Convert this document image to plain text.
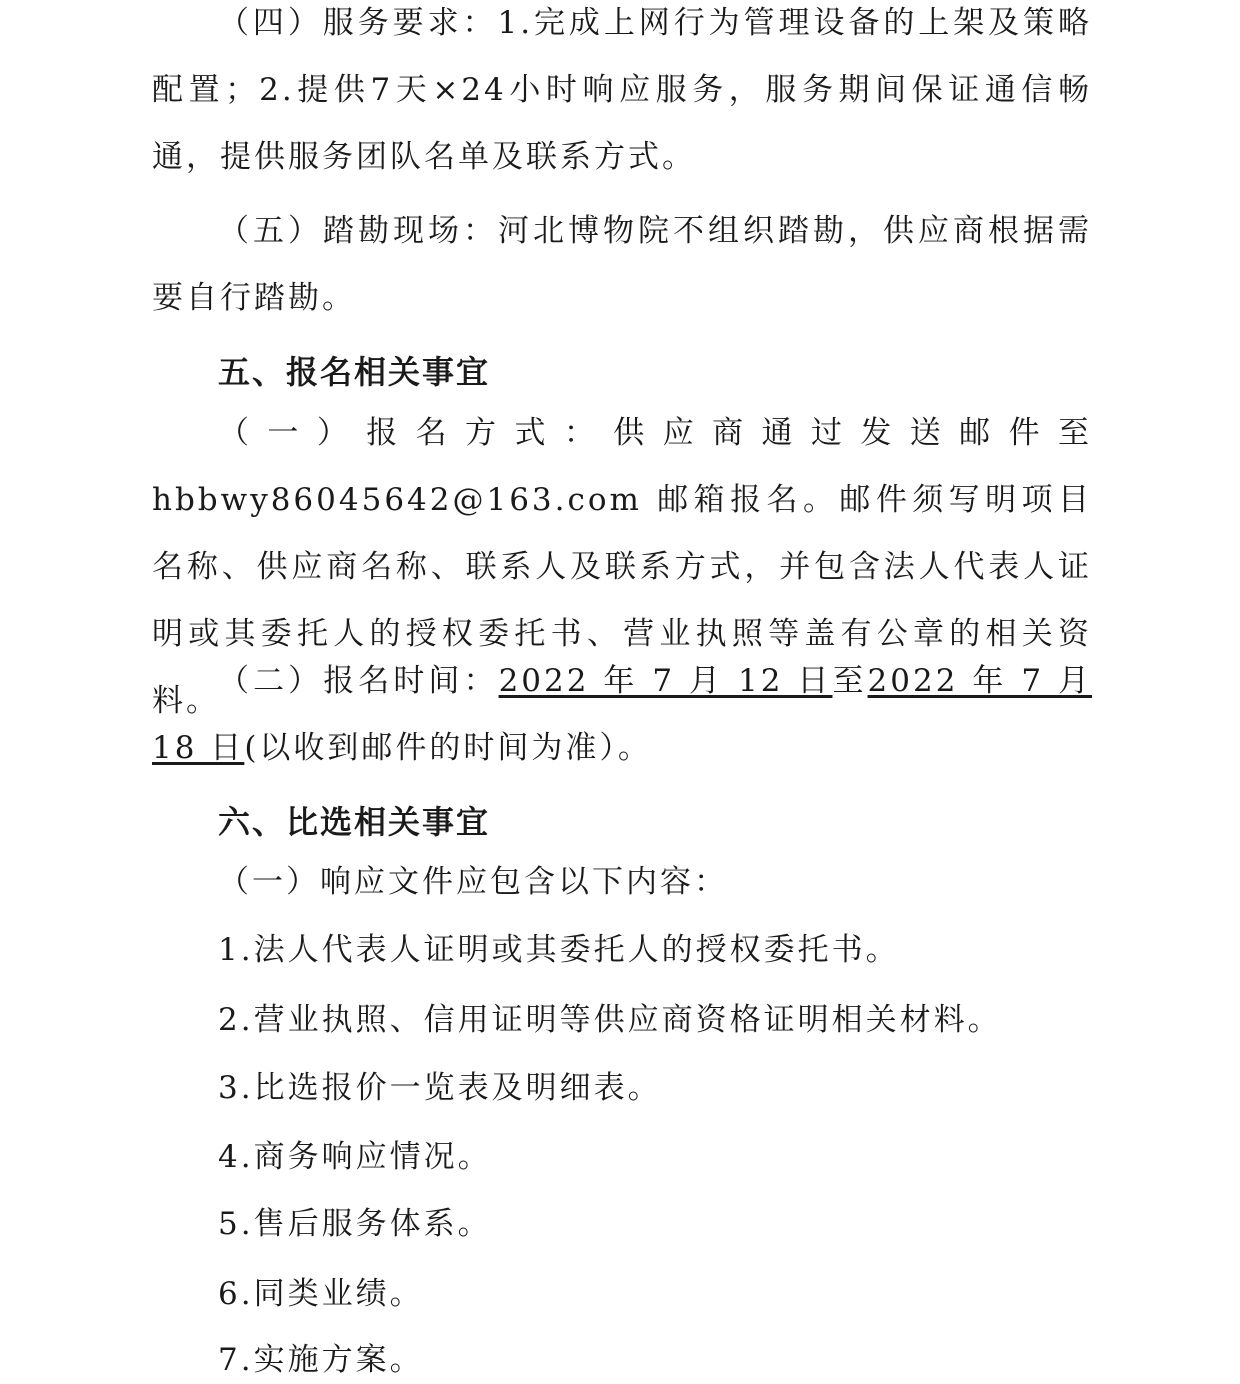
（四）服务要求：1.完成上网行为管理设备的上架及策略配置；2.提供7天×24小时响应服务，服务期间保证通信畅通，提供服务团队名单及联系方式。

（五）踏勘现场：河北博物院不组织踏勘，供应商根据需要自行踏勘。

五、报名相关事宜

（一）报名方式：供应商通过发送邮件至hbbwy86045642@163.com 邮箱报名。邮件须写明项目名称、供应商名称、联系人及联系方式，并包含法人代表人证明或其委托人的授权委托书、营业执照等盖有公章的相关资料。

（二）报名时间：2022 年 7 月 12 日至2022 年 7 月 18 日(以收到邮件的时间为准）。

六、比选相关事宜

（一）响应文件应包含以下内容：

1.法人代表人证明或其委托人的授权委托书。

2.营业执照、信用证明等供应商资格证明相关材料。

3.比选报价一览表及明细表。

4.商务响应情况。

5.售后服务体系。

6.同类业绩。

7.实施方案。
